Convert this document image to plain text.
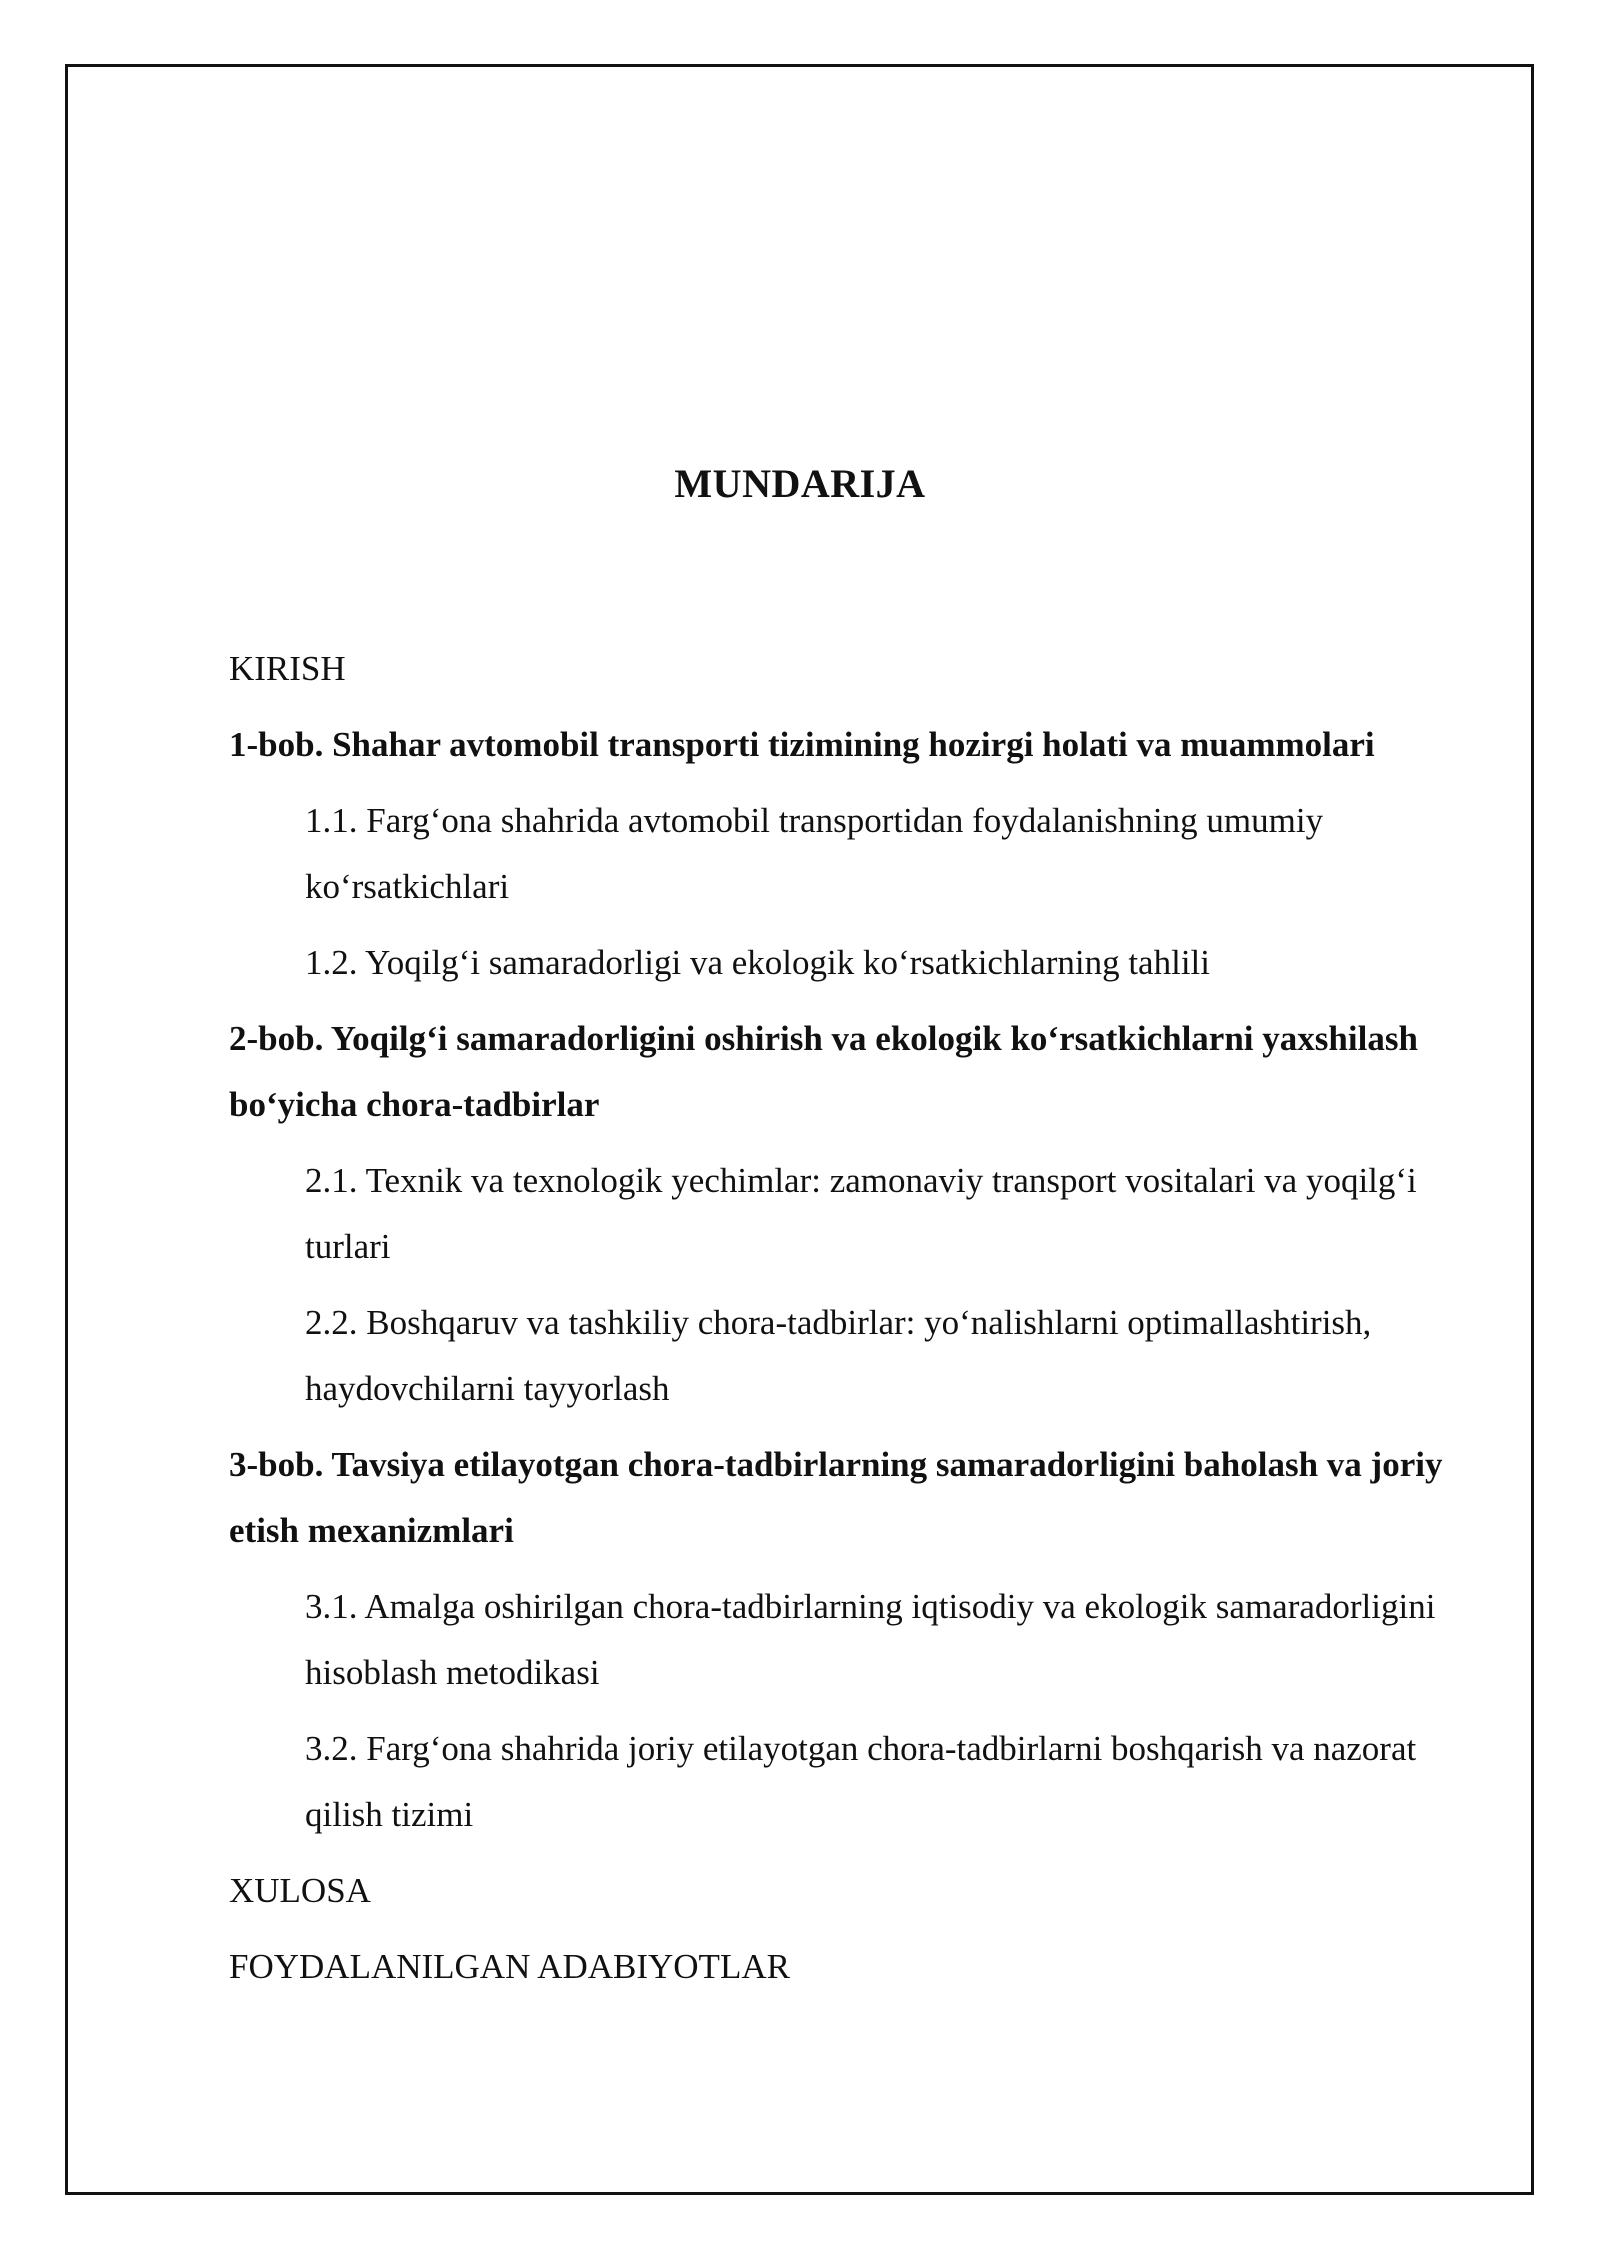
MUNDARIJA
KIRISH
1-bob. Shahar avtomobil transporti tizimining hozirgi holati va muammolari
1.1. Farg‘ona shahrida avtomobil transportidan foydalanishning umumiy ko‘rsatkichlari
1.2. Yoqilg‘i samaradorligi va ekologik ko‘rsatkichlarning tahlili
2-bob. Yoqilg‘i samaradorligini oshirish va ekologik ko‘rsatkichlarni yaxshilash bo‘yicha chora-tadbirlar
2.1. Texnik va texnologik yechimlar: zamonaviy transport vositalari va yoqilg‘i turlari
2.2. Boshqaruv va tashkiliy chora-tadbirlar: yo‘nalishlarni optimallashtirish, haydovchilarni tayyorlash
3-bob. Tavsiya etilayotgan chora-tadbirlarning samaradorligini baholash va joriy etish mexanizmlari
3.1. Amalga oshirilgan chora-tadbirlarning iqtisodiy va ekologik samaradorligini hisoblash metodikasi
3.2. Farg‘ona shahrida joriy etilayotgan chora-tadbirlarni boshqarish va nazorat qilish tizimi
XULOSA
FOYDALANILGAN ADABIYOTLAR
